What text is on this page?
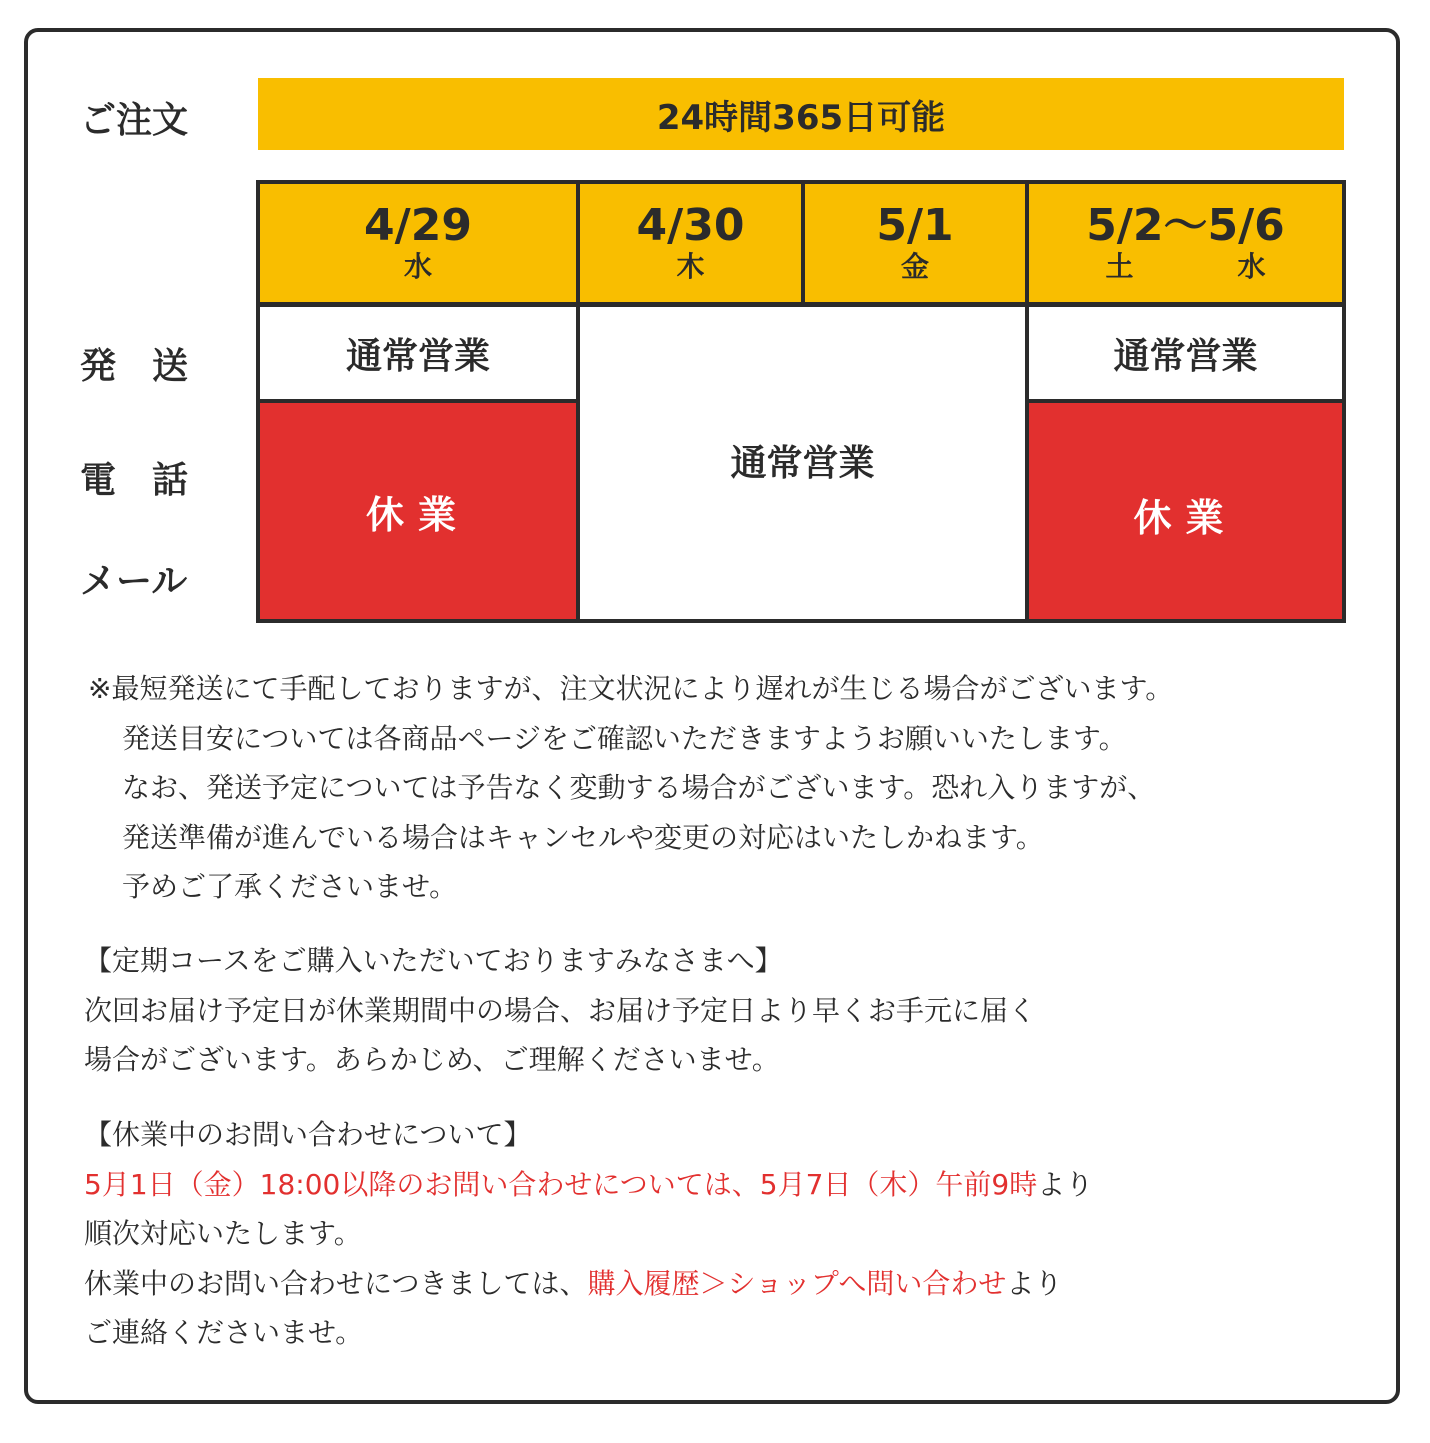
ご注文	24時間365日可能
発　送
電　話
メール
4/29
水
4/30
木
5/1
金
5/2〜5/6
土	水
通常営業
休業
通常営業
通常営業
休業
※最短発送にて手配しておりますが、注文状況により遅れが生じる場合がございます。
発送目安については各商品ページをご確認いただきますようお願いいたします。
なお、発送予定については予告なく変動する場合がございます。恐れ入りますが、
発送準備が進んでいる場合はキャンセルや変更の対応はいたしかねます。
予めご了承くださいませ。
【定期コースをご購入いただいておりますみなさまへ】
次回お届け予定日が休業期間中の場合、お届け予定日より早くお手元に届く
場合がございます。あらかじめ、ご理解くださいませ。
【休業中のお問い合わせについて】
5月1日（金）18:00以降のお問い合わせについては、5月7日（木）午前9時より
順次対応いたします。
休業中のお問い合わせにつきましては、購入履歴＞ショップへ問い合わせより
ご連絡くださいませ。
